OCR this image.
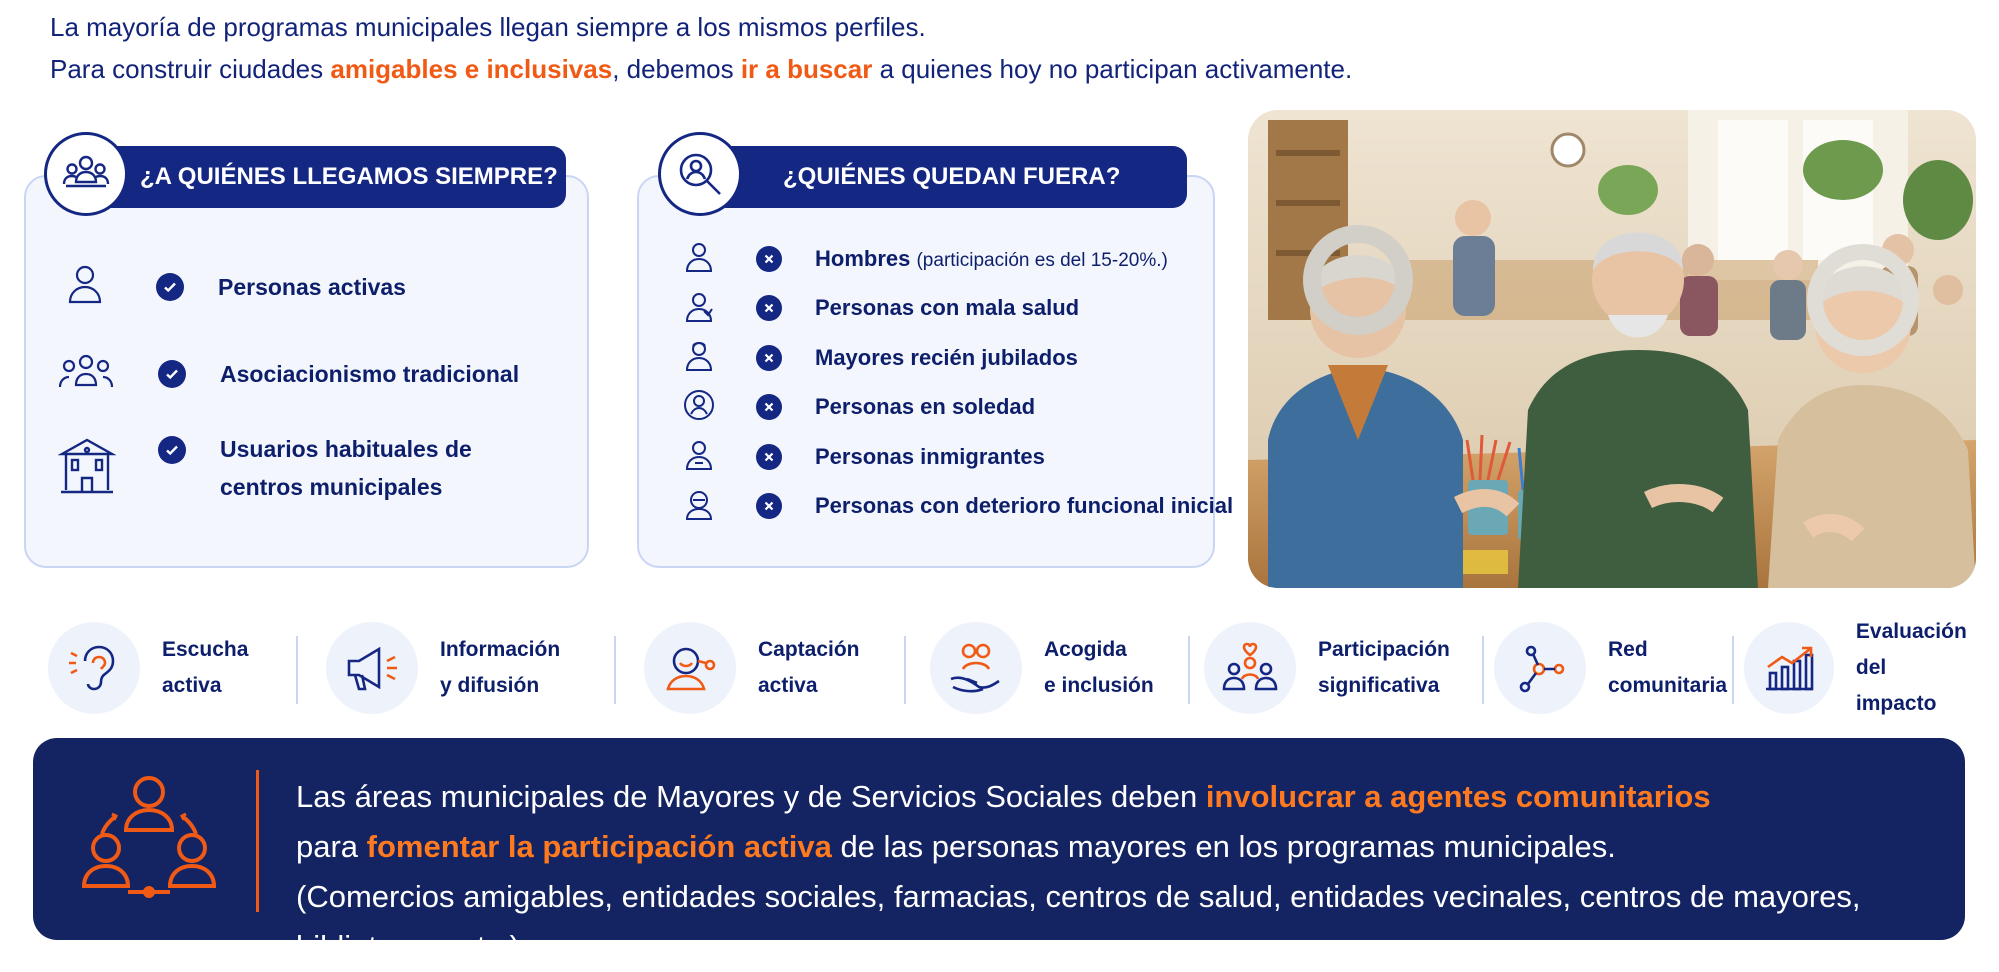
La mayoría de programas municipales llegan siempre a los mismos perfiles.
Para construir ciudades amigables e inclusivas, debemos ir a buscar a quienes hoy no participan activamente.
¿A QUIÉNES LLEGAMOS SIEMPRE?
Personas activas
Asociacionismo tradicional
Usuarios habituales de
centros municipales
¿QUIÉNES QUEDAN FUERA?
Hombres (participación es del 15-20%.)
Personas con mala salud
Mayores recién jubilados
Personas en soledad
Personas inmigrantes
Personas con deterioro funcional inicial
Escucha
activa
Información
y difusión
Captación
activa
Acogida
e inclusión
Participación
significativa
Red
comunitaria
Evaluación
del impacto
Las áreas municipales de Mayores y de Servicios Sociales deben involucrar a agentes comunitarios
para fomentar la participación activa de las personas mayores en los programas municipales.
(Comercios amigables, entidades sociales, farmacias, centros de salud, entidades vecinales, centros de mayores, bibliotecas, etc.).
